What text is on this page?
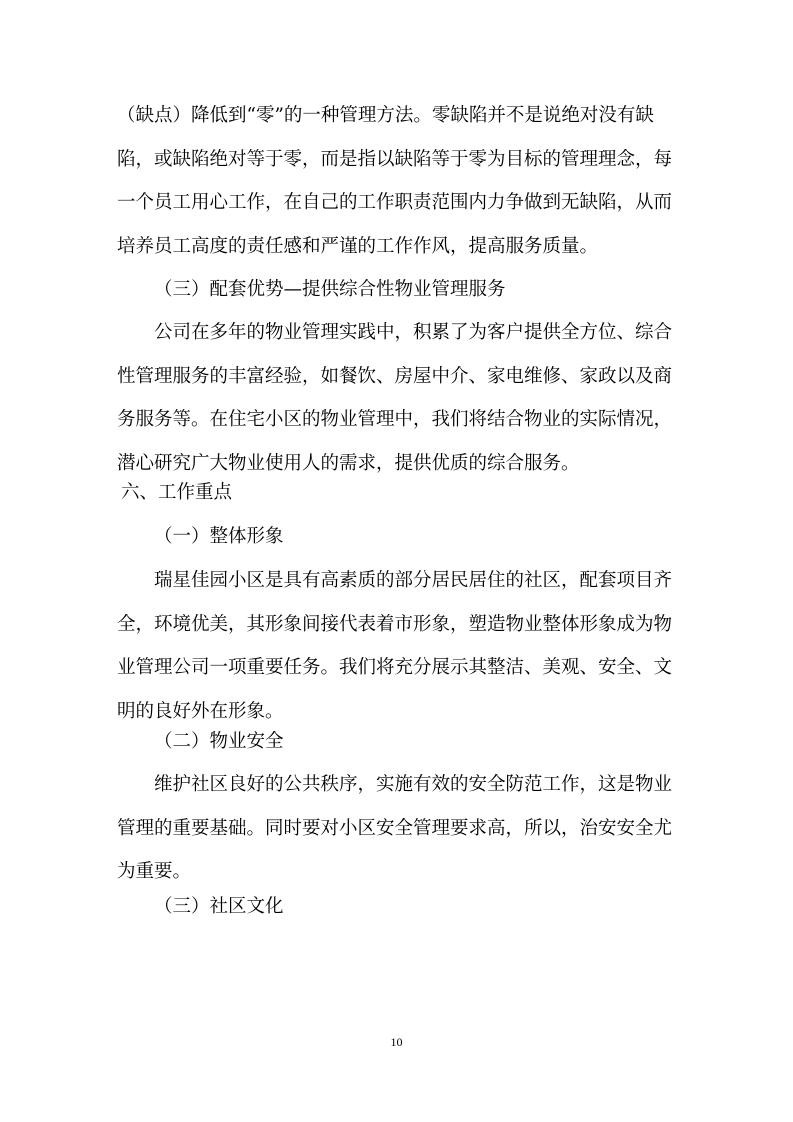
（缺点）降低到“零”的一种管理方法。零缺陷并不是说绝对没有缺
陷，或缺陷绝对等于零，而是指以缺陷等于零为目标的管理理念，每
一个员工用心工作，在自己的工作职责范围内力争做到无缺陷，从而
培养员工高度的责任感和严谨的工作作风，提高服务质量。
（三）配套优势—提供综合性物业管理服务
公司在多年的物业管理实践中，积累了为客户提供全方位、综合
性管理服务的丰富经验，如餐饮、房屋中介、家电维修、家政以及商
务服务等。在住宅小区的物业管理中，我们将结合物业的实际情况，
潜心研究广大物业使用人的需求，提供优质的综合服务。
六、工作重点
（一）整体形象
瑞星佳园小区是具有高素质的部分居民居住的社区，配套项目齐
全，环境优美，其形象间接代表着市形象，塑造物业整体形象成为物
业管理公司一项重要任务。我们将充分展示其整洁、美观、安全、文
明的良好外在形象。
（二）物业安全
维护社区良好的公共秩序，实施有效的安全防范工作，这是物业
管理的重要基础。同时要对小区安全管理要求高，所以，治安安全尤
为重要。
（三）社区文化
10
